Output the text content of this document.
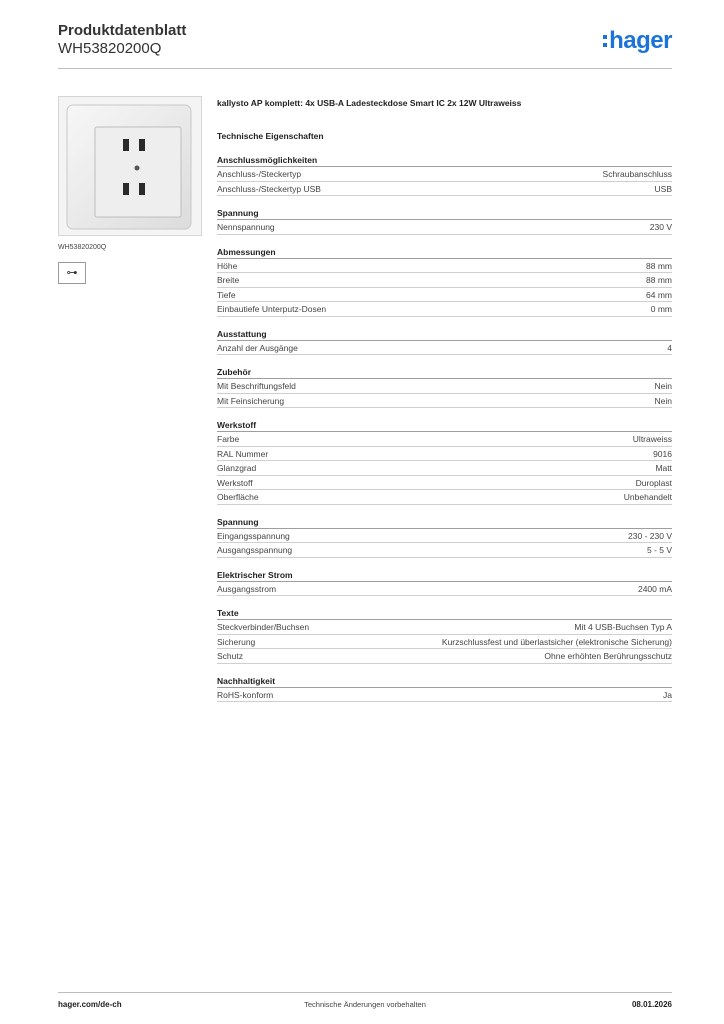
Produktdatenblatt
WH53820200Q	hager
WH53820200Q
⊶
kallysto AP komplett: 4x USB-A Ladesteckdose Smart IC 2x 12W Ultraweiss
Technische Eigenschaften
Anschlussmöglichkeiten
Anschluss-/Steckertyp	Schraubanschluss
Anschluss-/Steckertyp USB	USB
Spannung
Nennspannung	230 V
Abmessungen
Höhe	88 mm
Breite	88 mm
Tiefe	64 mm
Einbautiefe Unterputz-Dosen	0 mm
Ausstattung
Anzahl der Ausgänge	4
Zubehör
Mit Beschriftungsfeld	Nein
Mit Feinsicherung	Nein
Werkstoff
Farbe	Ultraweiss
RAL Nummer	9016
Glanzgrad	Matt
Werkstoff	Duroplast
Oberfläche	Unbehandelt
Spannung
Eingangsspannung	230 - 230 V
Ausgangsspannung	5 - 5 V
Elektrischer Strom
Ausgangsstrom	2400 mA
Texte
Steckverbinder/Buchsen	Mit 4 USB-Buchsen Typ A
Sicherung	Kurzschlussfest und überlastsicher (elektronische Sicherung)
Schutz	Ohne erhöhten Berührungsschutz
Nachhaltigkeit
RoHS-konform	Ja
hager.com/de-ch	Technische Änderungen vorbehalten	08.01.2026
